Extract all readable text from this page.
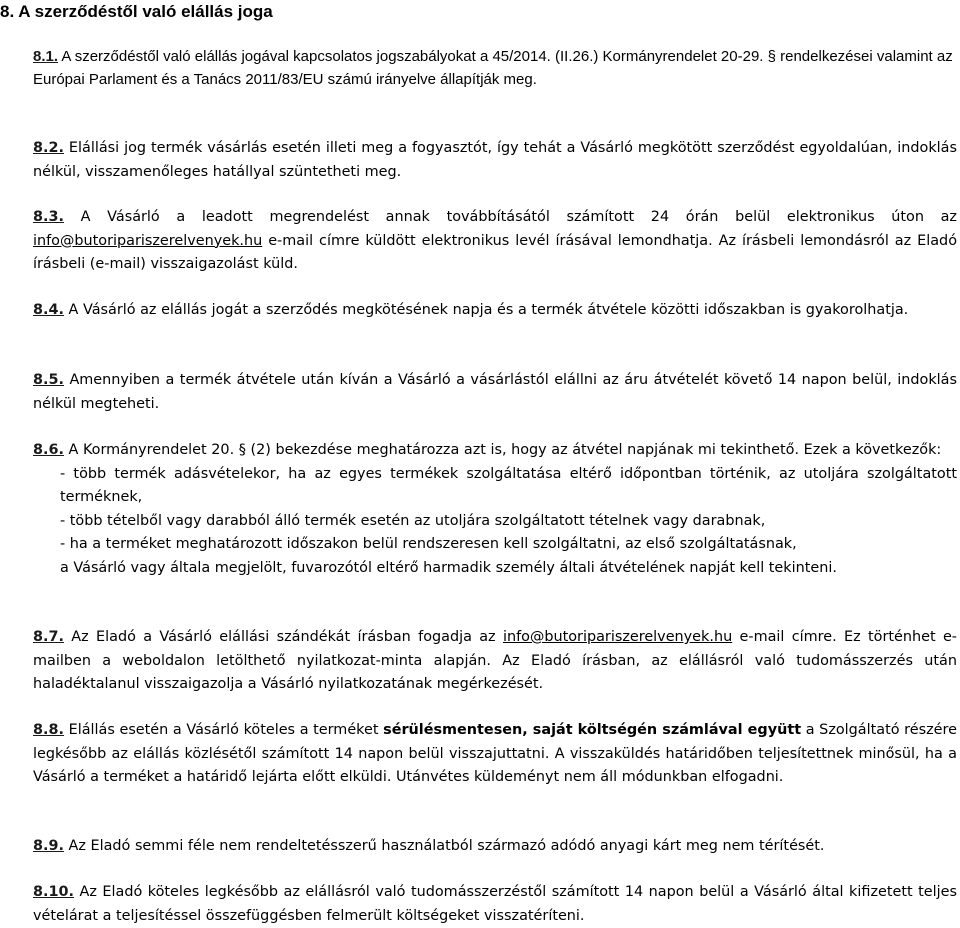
8. A szerződéstől való elállás joga
8.1. A szerződéstől való elállás jogával kapcsolatos jogszabályokat a 45/2014. (II.26.) Kormányrendelet 20-29. § rendelkezései valamint az Európai Parlament és a Tanács 2011/83/EU számú irányelve állapítják meg.
8.2. Elállási jog termék vásárlás esetén illeti meg a fogyasztót, így tehát a Vásárló megkötött szerződést egyoldalúan, indoklás nélkül, visszamenőleges hatállyal szüntetheti meg.
8.3. A Vásárló a leadott megrendelést annak továbbításától számított 24 órán belül elektronikus úton az info@butoripariszerelvenyek.hu e-mail címre küldött elektronikus levél írásával lemondhatja. Az írásbeli lemondásról az Eladó írásbeli (e-mail) visszaigazolást küld.
8.4. A Vásárló az elállás jogát a szerződés megkötésének napja és a termék átvétele közötti időszakban is gyakorolhatja.
8.5. Amennyiben a termék átvétele után kíván a Vásárló a vásárlástól elállni az áru átvételét követő 14 napon belül, indoklás nélkül megteheti.
8.6. A Kormányrendelet 20. § (2) bekezdése meghatározza azt is, hogy az átvétel napjának mi tekinthető. Ezek a következők:
- több termék adásvételekor, ha az egyes termékek szolgáltatása eltérő időpontban történik, az utoljára szolgáltatott terméknek,
- több tételből vagy darabból álló termék esetén az utoljára szolgáltatott tételnek vagy darabnak,
- ha a terméket meghatározott időszakon belül rendszeresen kell szolgáltatni, az első szolgáltatásnak,
a Vásárló vagy általa megjelölt, fuvarozótól eltérő harmadik személy általi átvételének napját kell tekinteni.
8.7. Az Eladó a Vásárló elállási szándékát írásban fogadja az info@butoripariszerelvenyek.hu e-mail címre. Ez történhet e-mailben a weboldalon letölthető nyilatkozat-minta alapján. Az Eladó írásban, az elállásról való tudomásszerzés után haladéktalanul visszaigazolja a Vásárló nyilatkozatának megérkezését.
8.8. Elállás esetén a Vásárló köteles a terméket sérülésmentesen, saját költségén számlával együtt a Szolgáltató részére legkésőbb az elállás közlésétől számított 14 napon belül visszajuttatni. A visszaküldés határidőben teljesítettnek minősül, ha a Vásárló a terméket a határidő lejárta előtt elküldi. Utánvétes küldeményt nem áll módunkban elfogadni.
8.9. Az Eladó semmi féle nem rendeltetésszerű használatból származó adódó anyagi kárt meg nem térítését.
8.10. Az Eladó köteles legkésőbb az elállásról való tudomásszerzéstől számított 14 napon belül a Vásárló által kifizetett teljes vételárat a teljesítéssel összefüggésben felmerült költségeket visszatéríteni.
